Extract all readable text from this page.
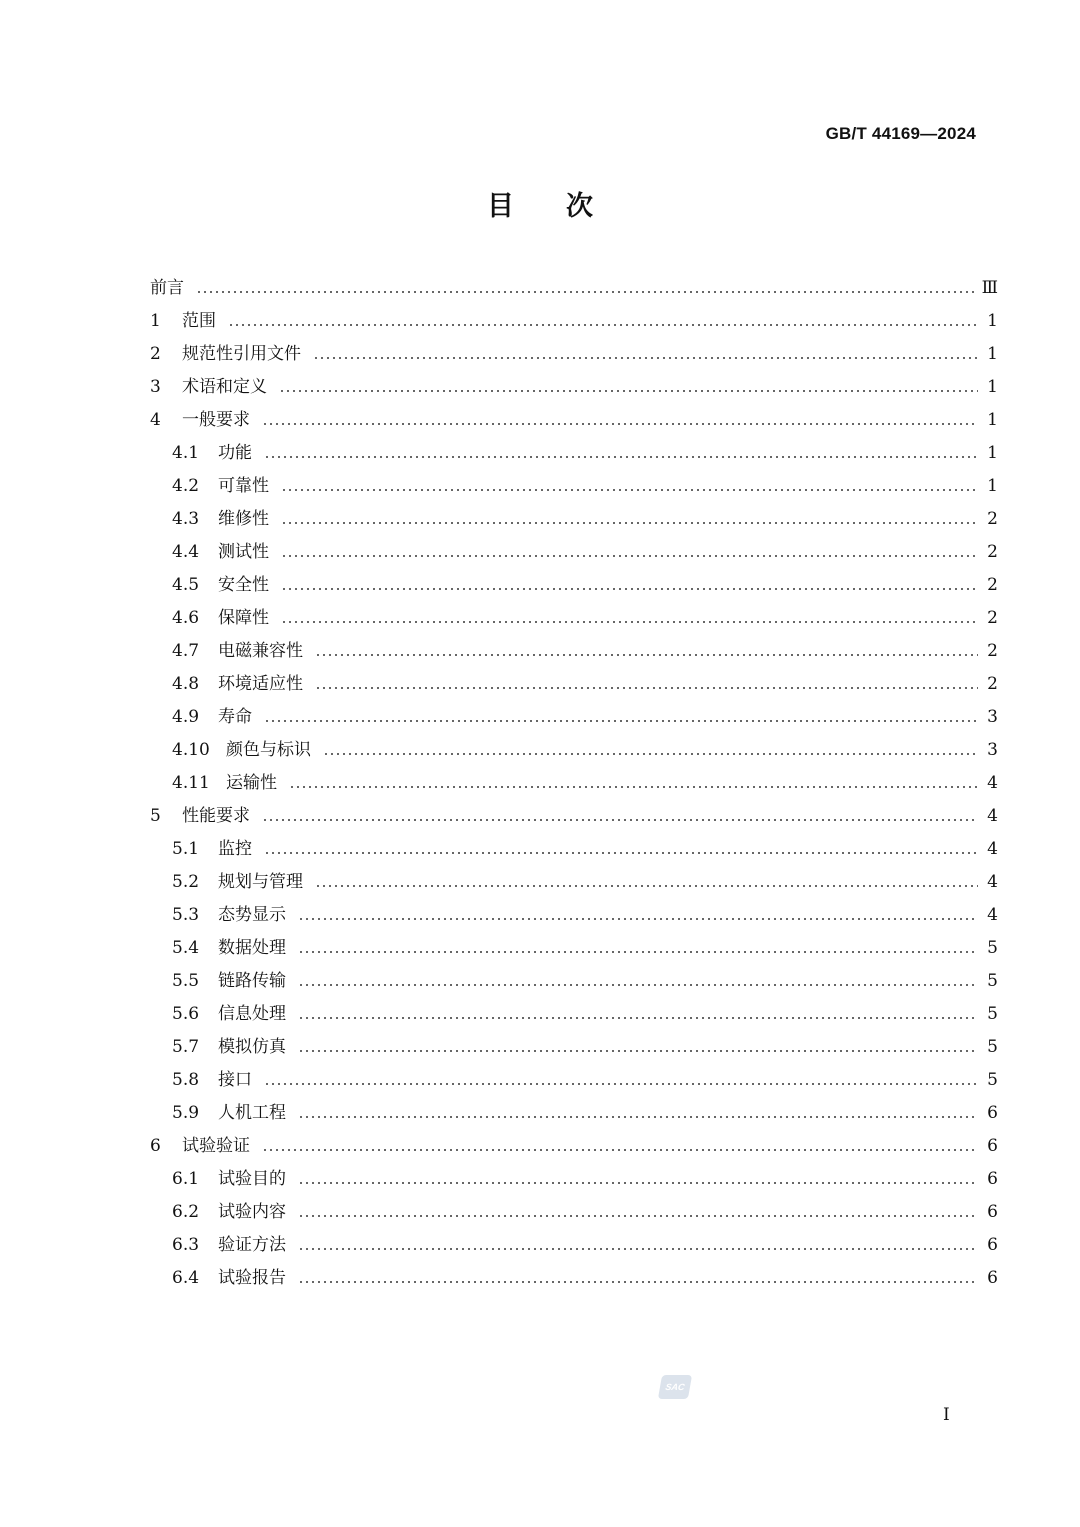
GB/T 44169—2024
目次
前言	Ⅲ
1	范围	1
2	规范性引用文件	1
3	术语和定义	1
4	一般要求	1
4.1	功能	1
4.2	可靠性	1
4.3	维修性	2
4.4	测试性	2
4.5	安全性	2
4.6	保障性	2
4.7	电磁兼容性	2
4.8	环境适应性	2
4.9	寿命	3
4.10 颜色与标识	3
4.11 运输性	4
5	性能要求	4
5.1	监控	4
5.2	规划与管理	4
5.3	态势显示	4
5.4	数据处理	5
5.5	链路传输	5
5.6	信息处理	5
5.7	模拟仿真	5
5.8	接口	5
5.9	人机工程	6
6	试验验证	6
6.1	试验目的	6
6.2	试验内容	6
6.3	验证方法	6
6.4	试验报告	6
SAC
I
